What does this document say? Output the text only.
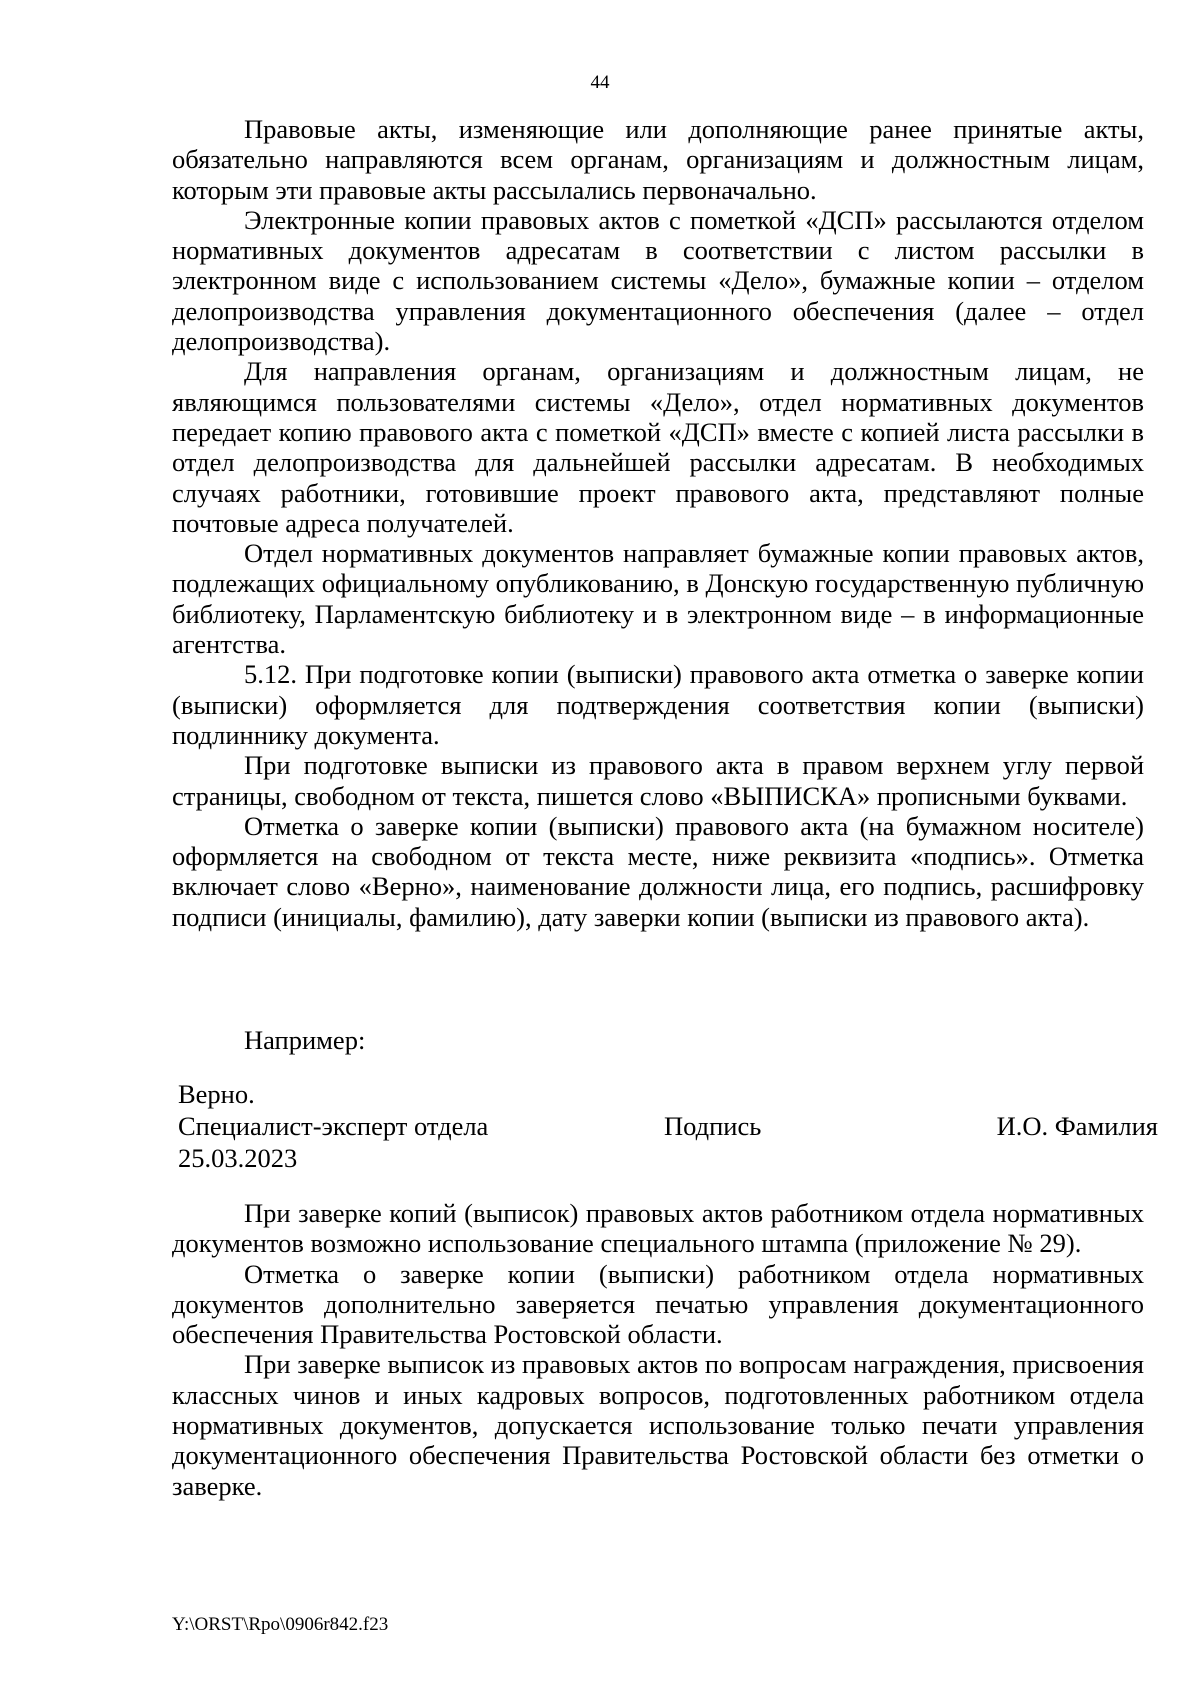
44

Правовые акты, изменяющие или дополняющие ранее принятые акты, обязательно направляются всем органам, организациям и должностным лицам, которым эти правовые акты рассылались первоначально.

Электронные копии правовых актов с пометкой «ДСП» рассылаются отделом нормативных документов адресатам в соответствии с листом рассылки в электронном виде с использованием системы «Дело», бумажные копии – отделом делопроизводства управления документационного обеспечения (далее – отдел делопроизводства).

Для направления органам, организациям и должностным лицам, не являющимся пользователями системы «Дело», отдел нормативных документов передает копию правового акта с пометкой «ДСП» вместе с копией листа рассылки в отдел делопроизводства для дальнейшей рассылки адресатам. В необходимых случаях работники, готовившие проект правового акта, представляют полные почтовые адреса получателей.

Отдел нормативных документов направляет бумажные копии правовых актов, подлежащих официальному опубликованию, в Донскую государственную публичную библиотеку, Парламентскую библиотеку и в электронном виде – в информационные агентства.

5.12. При подготовке копии (выписки) правового акта отметка о заверке копии (выписки) оформляется для подтверждения соответствия копии (выписки) подлиннику документа.

При подготовке выписки из правового акта в правом верхнем углу первой страницы, свободном от текста, пишется слово «ВЫПИСКА» прописными буквами.

Отметка о заверке копии (выписки) правового акта (на бумажном носителе) оформляется на свободном от текста месте, ниже реквизита «подпись». Отметка включает слово «Верно», наименование должности лица, его подпись, расшифровку подписи (инициалы, фамилию), дату заверки копии (выписки из правового акта).

Например:
Верно.
Специалист-эксперт отдела	Подпись	И.О. Фамилия
25.03.2023

При заверке копий (выписок) правовых актов работником отдела нормативных документов возможно использование специального штампа (приложение № 29).

Отметка о заверке копии (выписки) работником отдела нормативных документов дополнительно заверяется печатью управления документационного обеспечения Правительства Ростовской области.

При заверке выписок из правовых актов по вопросам награждения, присвоения классных чинов и иных кадровых вопросов, подготовленных работником отдела нормативных документов, допускается использование только печати управления документационного обеспечения Правительства Ростовской области без отметки о заверке.

Y:\ORST\Rpo\0906r842.f23
